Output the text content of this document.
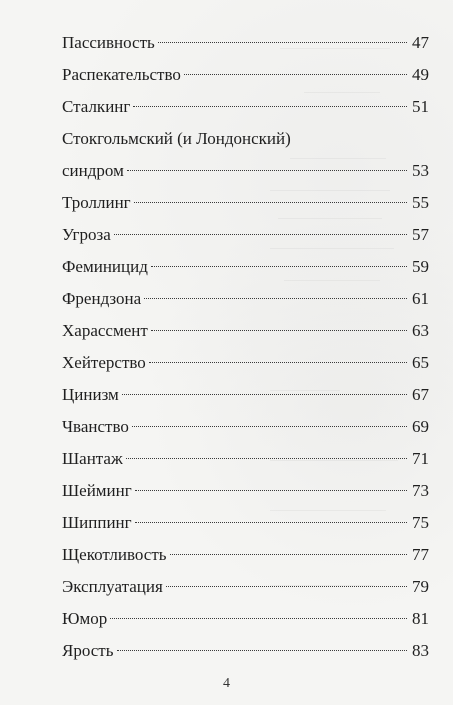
Пассивность	47
Распекательство	49
Сталкинг	51
Стокгольмский (и Лондонский)
синдром	53
Троллинг	55
Угроза	57
Феминицид	59
Френдзона	61
Харассмент	63
Хейтерство	65
Цинизм	67
Чванство	69
Шантаж	71
Шейминг	73
Шиппинг	75
Щекотливость	77
Эксплуатация	79
Юмор	81
Ярость	83
4
